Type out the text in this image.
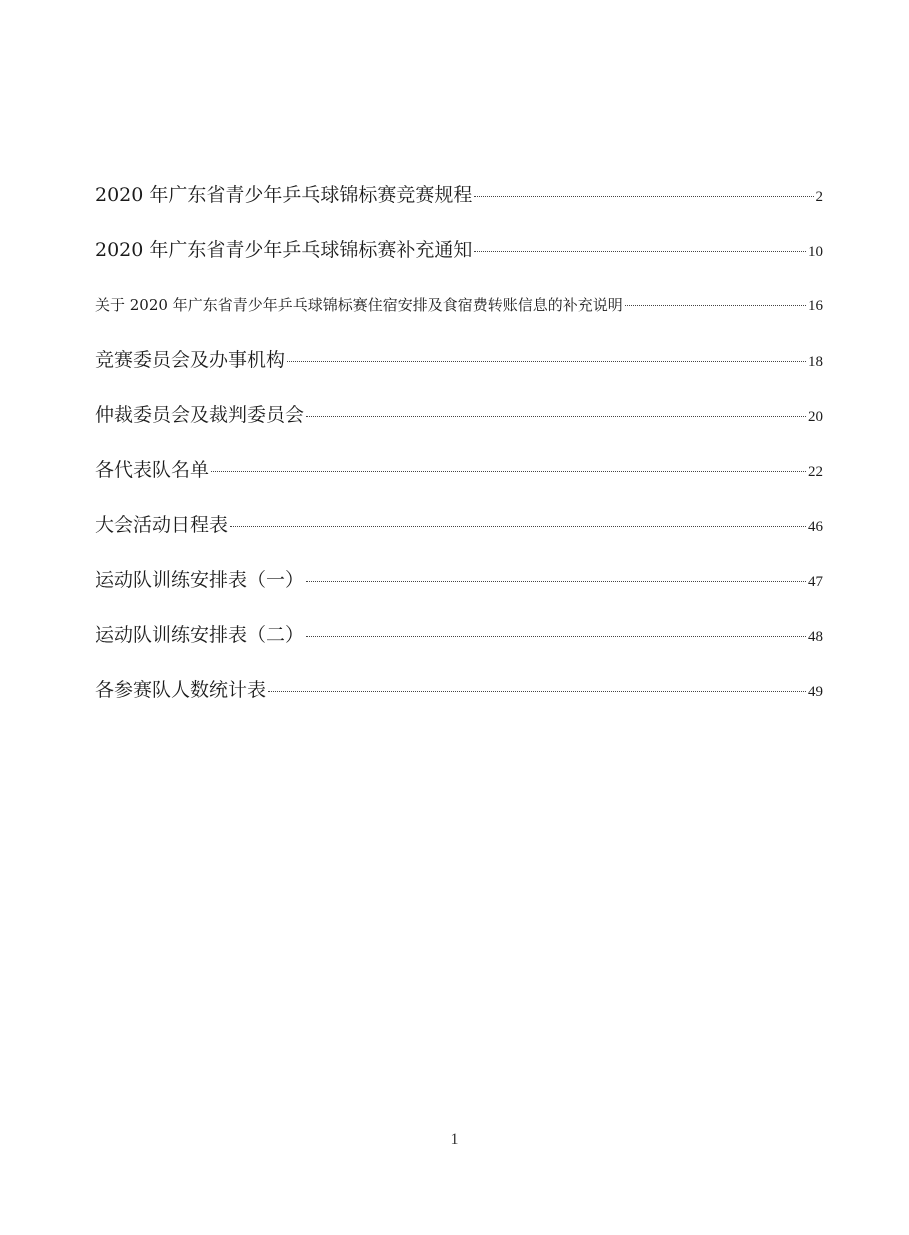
2020 年广东省青少年乒乓球锦标赛竞赛规程	2
2020 年广东省青少年乒乓球锦标赛补充通知	10
关于 2020 年广东省青少年乒乓球锦标赛住宿安排及食宿费转账信息的补充说明	16
竞赛委员会及办事机构	18
仲裁委员会及裁判委员会	20
各代表队名单	22
大会活动日程表	46
运动队训练安排表（一）	47
运动队训练安排表（二）	48
各参赛队人数统计表	49
1
